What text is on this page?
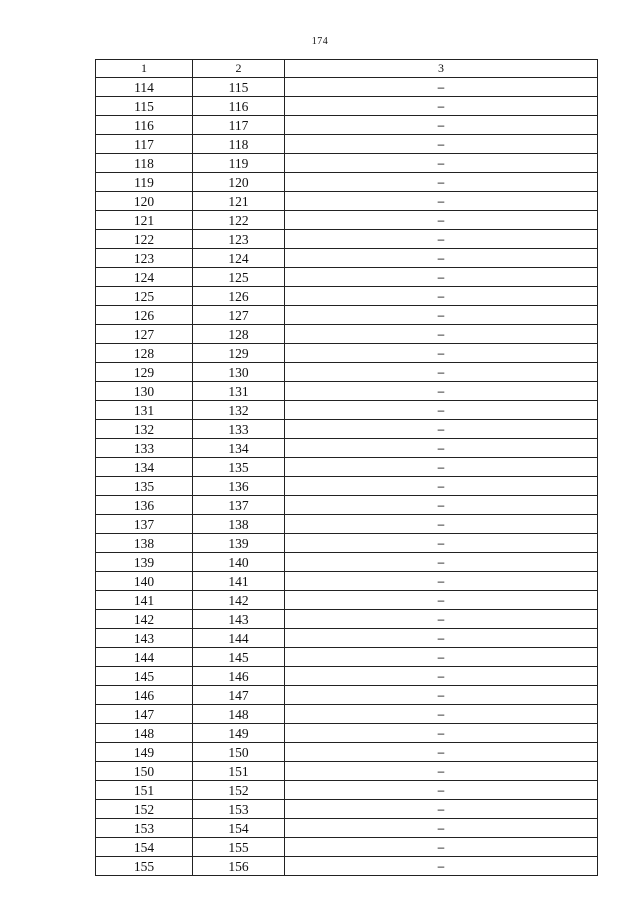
174
1	2	3
114	115	–
115	116	–
116	117	–
117	118	–
118	119	–
119	120	–
120	121	–
121	122	–
122	123	–
123	124	–
124	125	–
125	126	–
126	127	–
127	128	–
128	129	–
129	130	–
130	131	–
131	132	–
132	133	–
133	134	–
134	135	–
135	136	–
136	137	–
137	138	–
138	139	–
139	140	–
140	141	–
141	142	–
142	143	–
143	144	–
144	145	–
145	146	–
146	147	–
147	148	–
148	149	–
149	150	–
150	151	–
151	152	–
152	153	–
153	154	–
154	155	–
155	156	–
